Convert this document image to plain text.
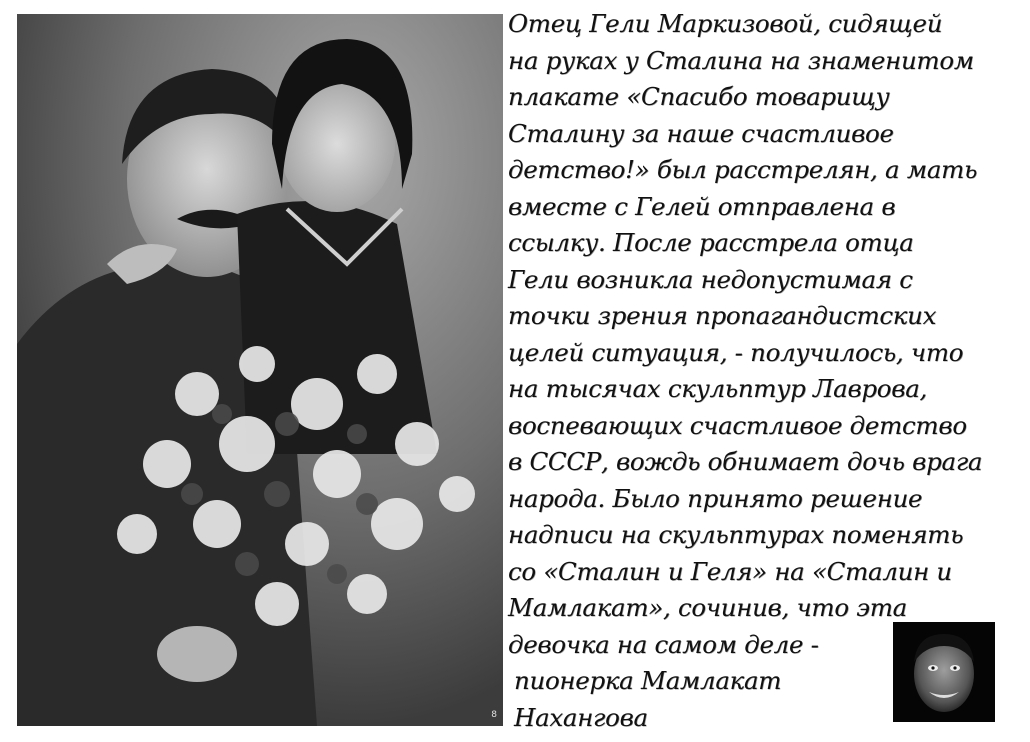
8
Отец Гели Маркизовой, сидящей
на руках у Сталина на знаменитом
плакате «Спасибо товарищу
Сталину за наше счастливое
детство!» был расстрелян, а мать
вместе с Гелей отправлена в
ссылку. После расстрела отца
Гели возникла недопустимая с
точки зрения пропагандистских
целей ситуация, - получилось, что
на тысячах скульптур Лаврова,
воспевающих счастливое детство
в СССР, вождь обнимает дочь врага
народа. Было принято решение
надписи на скульптурах поменять
со «Сталин и Геля» на «Сталин и
Мамлакат», сочинив, что эта
девочка на самом деле -
пионерка Мамлакат
Нахангова
